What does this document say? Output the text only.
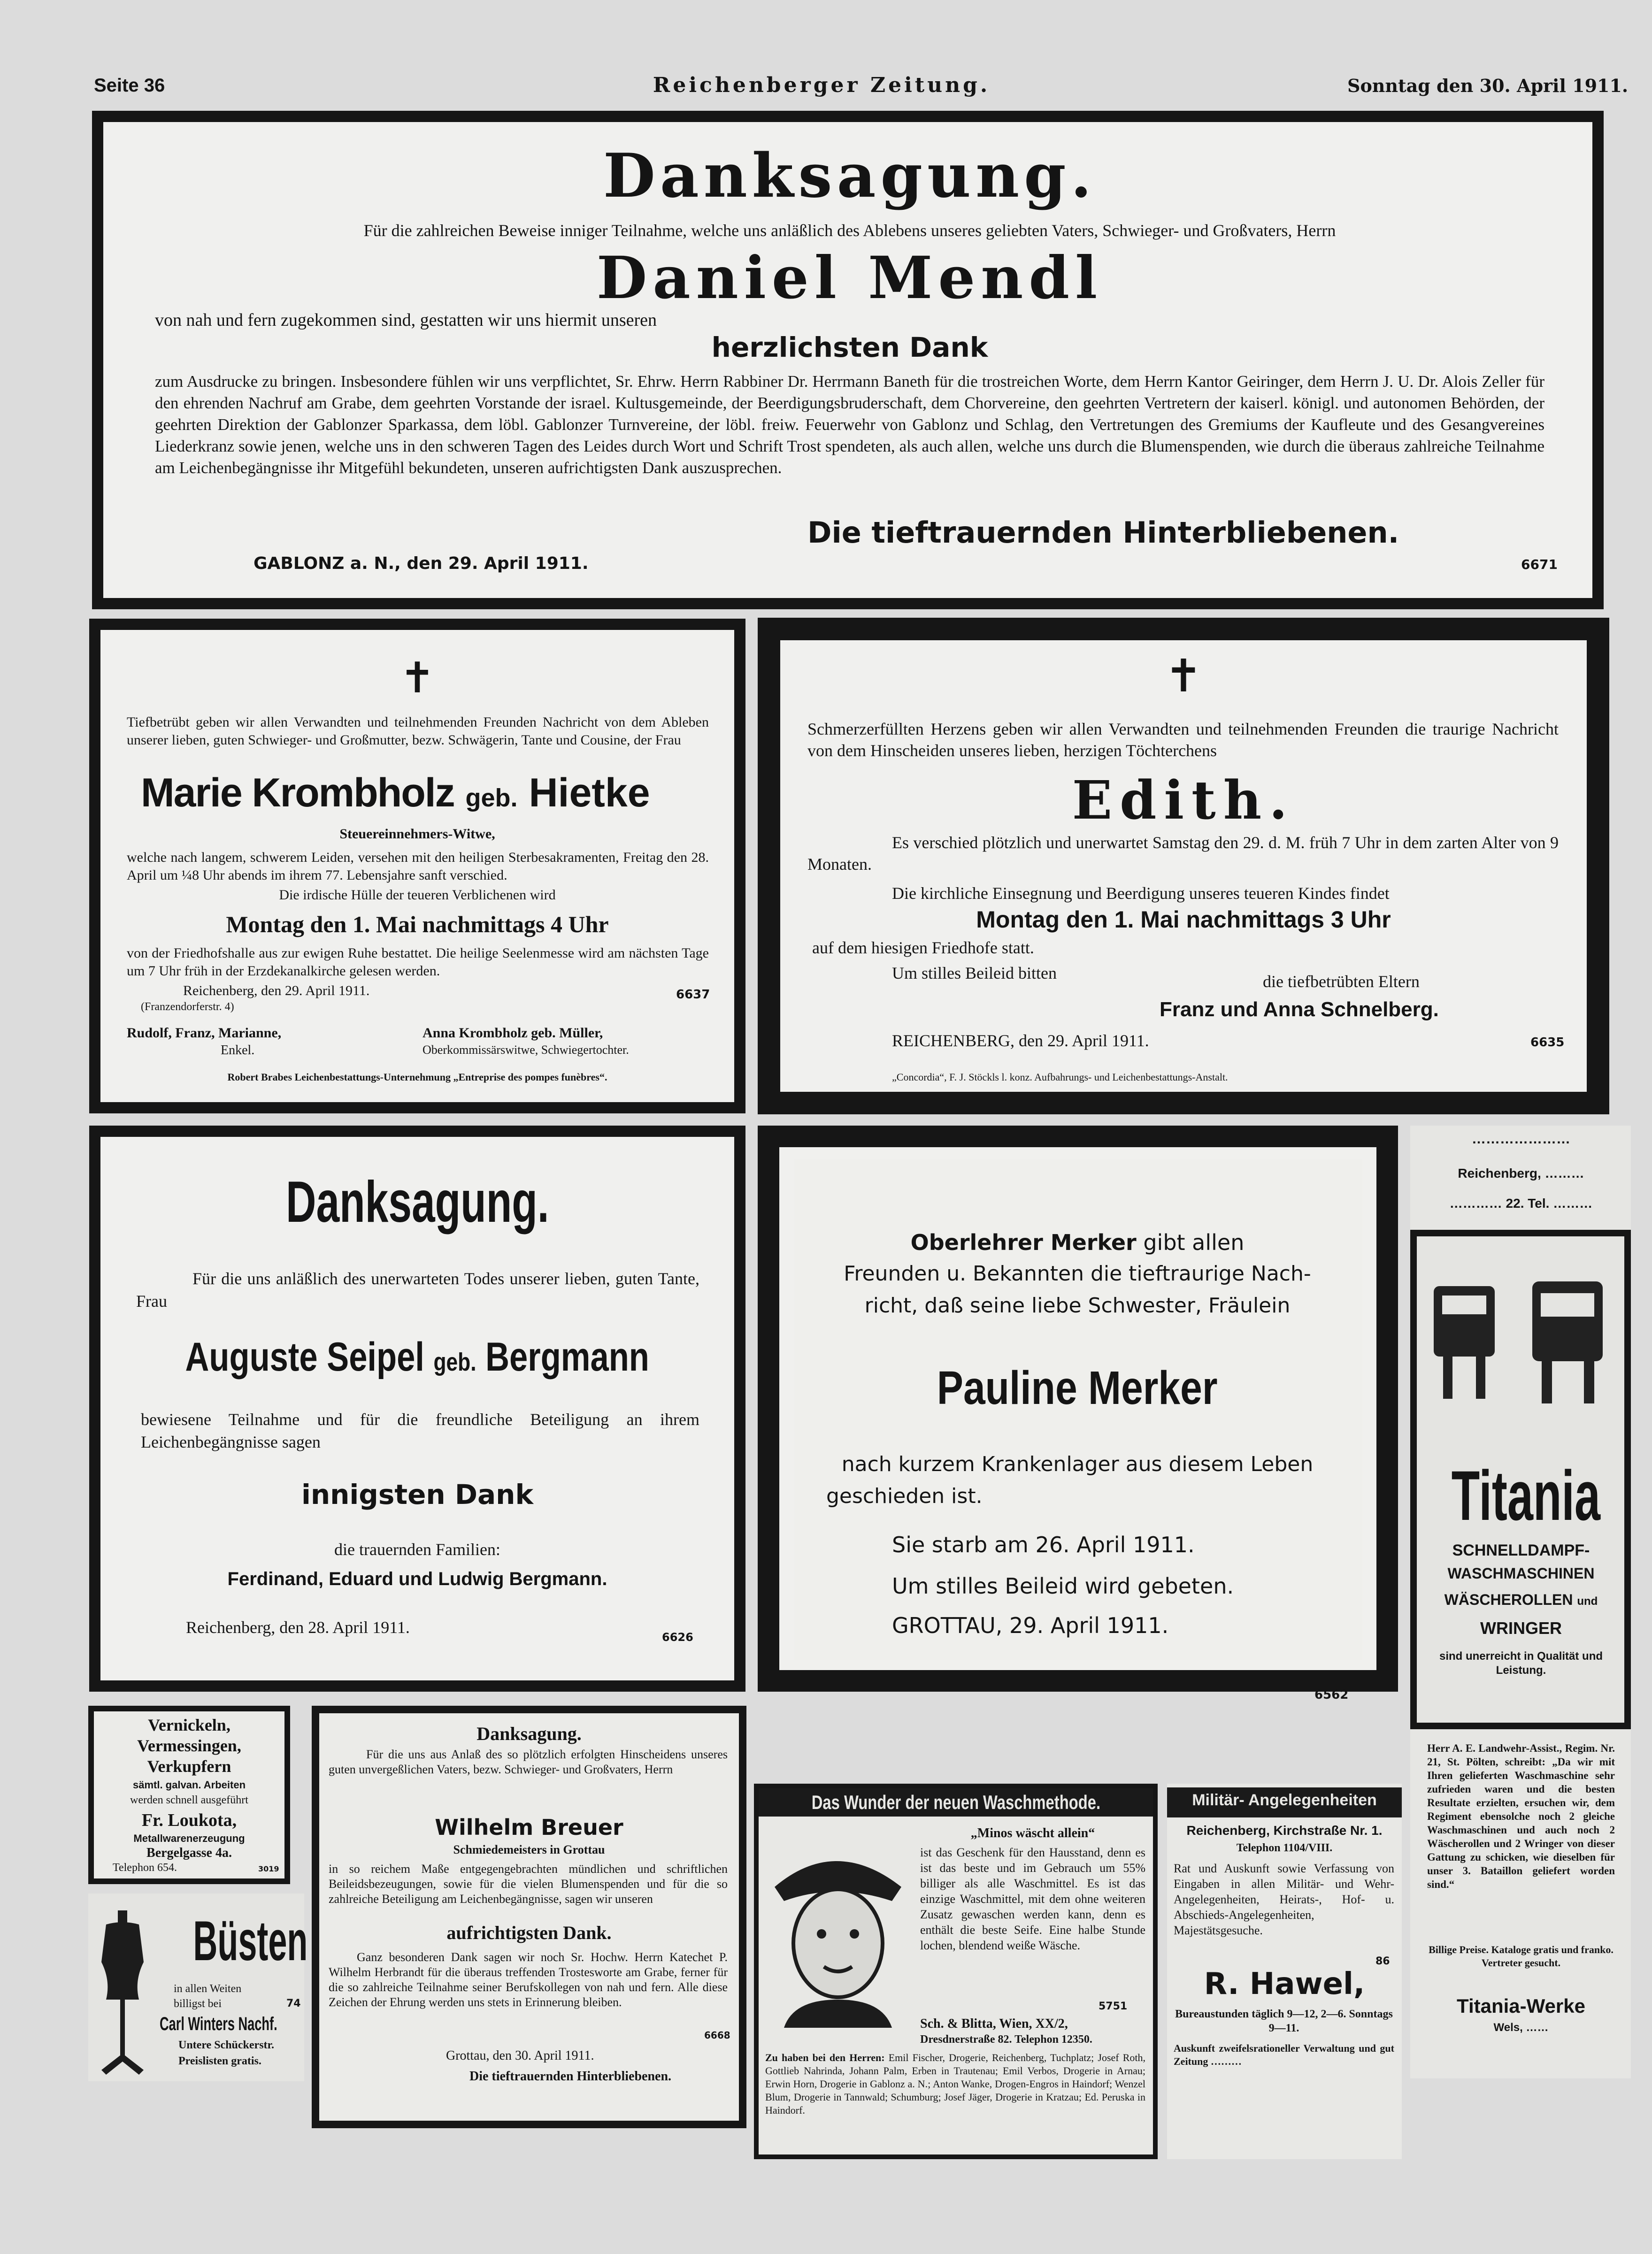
Seite 36	Reichenberger Zeitung.	Sonntag den 30. April 1911.
Danksagung.
Für die zahlreichen Beweise inniger Teilnahme, welche uns anläßlich des Ablebens unseres geliebten Vaters, Schwieger- und Großvaters, Herrn
Daniel Mendl
von nah und fern zugekommen sind, gestatten wir uns hiermit unseren
herzlichsten Dank

zum Ausdrucke zu bringen. Insbesondere fühlen wir uns verpflichtet, Sr. Ehrw. Herrn Rabbiner Dr. Herrmann Baneth für die trostreichen Worte, dem Herrn Kantor Geiringer, dem Herrn J. U. Dr. Alois Zeller für den ehrenden Nachruf am Grabe, dem geehrten Vorstande der israel. Kultusgemeinde, der Beerdigungsbruderschaft, dem Chorvereine, den geehrten Vertretern der kaiserl. königl. und autonomen Behörden, der geehrten Direktion der Gablonzer Sparkassa, dem löbl. Gablonzer Turnvereine, der löbl. freiw. Feuerwehr von Gablonz und Schlag, den Vertretungen des Gremiums der Kaufleute und des Gesangvereines Liederkranz sowie jenen, welche uns in den schweren Tagen des Leides durch Wort und Schrift Trost spendeten, als auch allen, welche uns durch die Blumenspenden, wie durch die überaus zahlreiche Teilnahme am Leichenbegängnisse ihr Mitgefühl bekundeten, unseren aufrichtigsten Dank auszusprechen.

Die tieftrauernden Hinterbliebenen.
GABLONZ a. N., den 29. April 1911.	6671
✝

Tiefbetrübt geben wir allen Verwandten und teilnehmenden Freunden Nachricht von dem Ableben unserer lieben, guten Schwieger- und Großmutter, bezw. Schwägerin, Tante und Cousine, der Frau

Marie Krombholz geb. Hietke
Steuereinnehmers-Witwe,

welche nach langem, schwerem Leiden, versehen mit den heiligen Sterbesakramenten, Freitag den 28. April um ¼8 Uhr abends im ihrem 77. Lebensjahre sanft verschied.

Die irdische Hülle der teueren Verblichenen wird
Montag den 1. Mai nachmittags 4 Uhr

von der Friedhofshalle aus zur ewigen Ruhe bestattet. Die heilige Seelenmesse wird am nächsten Tage um 7 Uhr früh in der Erzdekanalkirche gelesen werden.

Reichenberg, den 29. April 1911.
(Franzendorferstr. 4)
6637
Rudolf, Franz, Marianne,
Enkel.
Anna Krombholz geb. Müller,
Oberkommissärswitwe, Schwiegertochter.
Robert Brabes Leichenbestattungs-Unternehmung „Entreprise des pompes funèbres“.
✝

Schmerzerfüllten Herzens geben wir allen Verwandten und teilnehmenden Freunden die traurige Nachricht von dem Hinscheiden unseres lieben, herzigen Töchterchens

Edith.

Es verschied plötzlich und unerwartet Samstag den 29. d. M. früh 7 Uhr in dem zarten Alter von 9 Monaten.

Die kirchliche Einsegnung und Beerdigung unseres teueren Kindes findet
Montag den 1. Mai nachmittags 3 Uhr
auf dem hiesigen Friedhofe statt.
Um stilles Beileid bitten	die tiefbetrübten Eltern
Franz und Anna Schnelberg.
REICHENBERG, den 29. April 1911.	6635
„Concordia“, F. J. Stöckls l. konz. Aufbahrungs- und Leichenbestattungs-Anstalt.
Danksagung.

Für die uns anläßlich des unerwarteten Todes unserer lieben, guten Tante, Frau

Auguste Seipel geb. Bergmann

bewiesene Teilnahme und für die freundliche Beteiligung an ihrem Leichenbegängnisse sagen

innigsten Dank
die trauernden Familien:
Ferdinand, Eduard und Ludwig Bergmann.
Reichenberg, den 28. April 1911.
6626
Oberlehrer Merker gibt allen
Freunden u. Bekannten die tieftraurige Nach-
richt, daß seine liebe Schwester, Fräulein
Pauline Merker
nach kurzem Krankenlager aus diesem Leben
geschieden ist.
Sie starb am 26. April 1911.
Um stilles Beileid wird gebeten.
GROTTAU, 29. April 1911.
6562
…………………
Reichenberg, ………
………… 22. Tel. ………
Titania
SCHNELLDAMPF-
WASCHMASCHINEN
WÄSCHEROLLEN und
WRINGER

sind unerreicht in Qualität und Leistung.

Herr A. E. Landwehr-Assist., Regim. Nr. 21, St. Pölten, schreibt: „Da wir mit Ihren gelieferten Waschmaschine sehr zufrieden waren und die besten Resultate erzielten, ersuchen wir, dem Regiment ebensolche noch 2 gleiche Waschmaschinen und auch noch 2 Wäscherollen und 2 Wringer von dieser Gattung zu schicken, wie dieselben für unser 3. Bataillon geliefert worden sind.“

Billige Preise. Kataloge gratis und franko. Vertreter gesucht.

Titania-Werke
Wels, ……
Vernickeln,
Vermessingen,
Verkupfern
sämtl. galvan. Arbeiten
werden schnell ausgeführt
Fr. Loukota,
Metallwarenerzeugung
Bergelgasse 4a.
Telephon 654.	3019
Büsten
in allen Weiten
billigst bei	74
Carl Winters Nachf.
Untere Schückerstr.
Preislisten gratis.
Danksagung.

Für die uns aus Anlaß des so plötzlich erfolgten Hinscheidens unseres guten unvergeßlichen Vaters, bezw. Schwieger- und Großvaters, Herrn

Wilhelm Breuer
Schmiedemeisters in Grottau

in so reichem Maße entgegengebrachten mündlichen und schriftlichen Beileidsbezeugungen, sowie für die vielen Blumenspenden und für die so zahlreiche Beteiligung am Leichenbegängnisse, sagen wir unseren

aufrichtigsten Dank.

Ganz besonderen Dank sagen wir noch Sr. Hochw. Herrn Katechet P. Wilhelm Herbrandt für die überaus treffenden Trostesworte am Grabe, ferner für die so zahlreiche Teilnahme seiner Berufskollegen von nah und fern. Alle diese Zeichen der Ehrung werden uns stets in Erinnerung bleiben.

6668
Grottau, den 30. April 1911.
Die tieftrauernden Hinterbliebenen.
Das Wunder der neuen Waschmethode.
„Minos wäscht allein“

ist das Geschenk für den Hausstand, denn es ist das beste und im Gebrauch um 55% billiger als alle Waschmittel. Es ist das einzige Waschmittel, mit dem ohne weiteren Zusatz gewaschen werden kann, denn es enthält die beste Seife. Eine halbe Stunde lochen, blendend weiße Wäsche.

5751
Sch. & Blitta, Wien, XX/2,
Dresdnerstraße 82. Telephon 12350.

Zu haben bei den Herren: Emil Fischer, Drogerie, Reichenberg, Tuchplatz; Josef Roth, Gottlieb Nahrinda, Johann Palm, Erben in Trautenau; Emil Verbos, Drogerie in Arnau; Erwin Horn, Drogerie in Gablonz a. N.; Anton Wanke, Drogen-Engros in Haindorf; Wenzel Blum, Drogerie in Tannwald; Schumburg; Josef Jäger, Drogerie in Kratzau; Ed. Peruska in Haindorf.

Militär- Angelegenheiten
Reichenberg, Kirchstraße Nr. 1.
Telephon 1104/VIII.

Rat und Auskunft sowie Verfassung von Eingaben in allen Militär- und Wehr-Angelegenheiten, Heirats-, Hof- u. Abschieds-Angelegenheiten, Majestätsgesuche.

86
R. Hawel,

Bureaustunden täglich 9—12, 2—6. Sonntags 9—11.

Auskunft zweifelsrationeller Verwaltung und gut Zeitung ………
